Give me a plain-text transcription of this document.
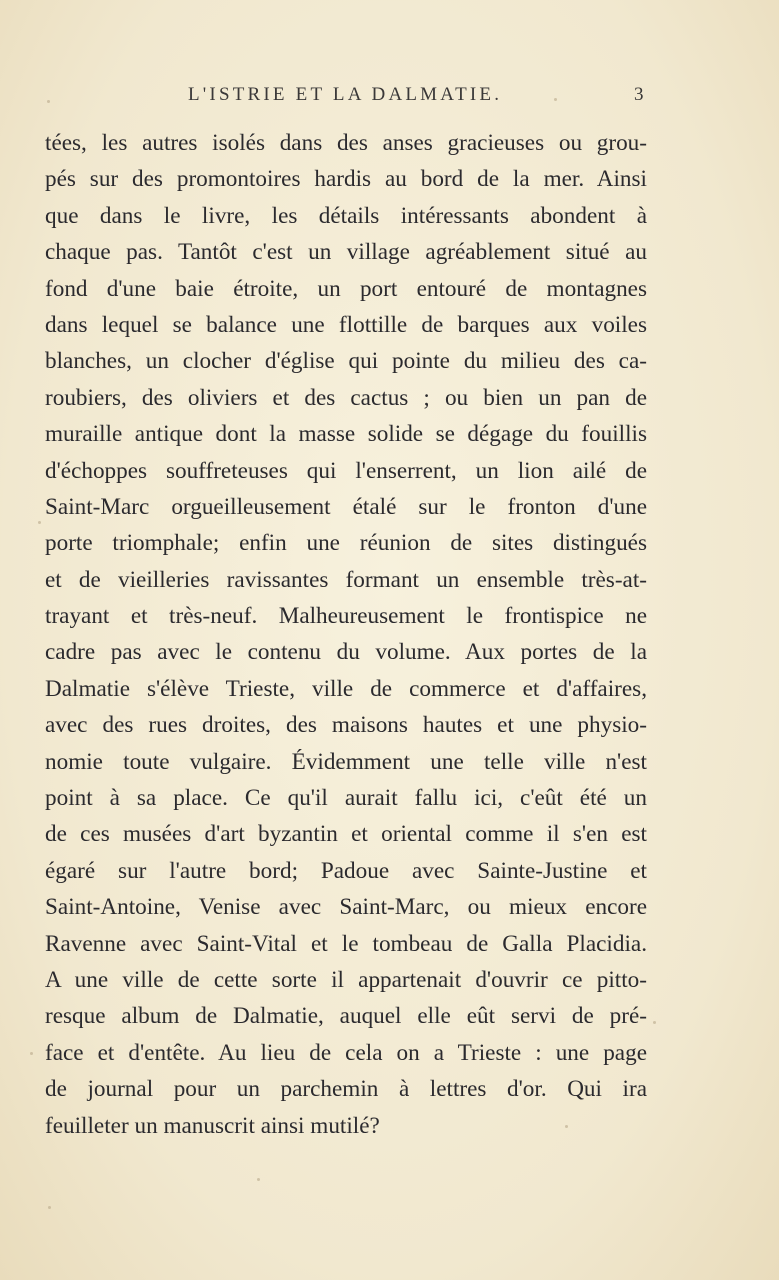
L'ISTRIE ET LA DALMATIE.	3
tées, les autres isolés dans des anses gracieuses ou grou-
pés sur des promontoires hardis au bord de la mer. Ainsi
que dans le livre, les détails intéressants abondent à
chaque pas. Tantôt c'est un village agréablement situé au
fond d'une baie étroite, un port entouré de montagnes
dans lequel se balance une flottille de barques aux voiles
blanches, un clocher d'église qui pointe du milieu des ca-
roubiers, des oliviers et des cactus ; ou bien un pan de
muraille antique dont la masse solide se dégage du fouillis
d'échoppes souffreteuses qui l'enserrent, un lion ailé de
Saint-Marc orgueilleusement étalé sur le fronton d'une
porte triomphale; enfin une réunion de sites distingués
et de vieilleries ravissantes formant un ensemble très-at-
trayant et très-neuf. Malheureusement le frontispice ne
cadre pas avec le contenu du volume. Aux portes de la
Dalmatie s'élève Trieste, ville de commerce et d'affaires,
avec des rues droites, des maisons hautes et une physio-
nomie toute vulgaire. Évidemment une telle ville n'est
point à sa place. Ce qu'il aurait fallu ici, c'eût été un
de ces musées d'art byzantin et oriental comme il s'en est
égaré sur l'autre bord; Padoue avec Sainte-Justine et
Saint-Antoine, Venise avec Saint-Marc, ou mieux encore
Ravenne avec Saint-Vital et le tombeau de Galla Placidia.
A une ville de cette sorte il appartenait d'ouvrir ce pitto-
resque album de Dalmatie, auquel elle eût servi de pré-
face et d'entête. Au lieu de cela on a Trieste : une page
de journal pour un parchemin à lettres d'or. Qui ira
feuilleter un manuscrit ainsi mutilé?
